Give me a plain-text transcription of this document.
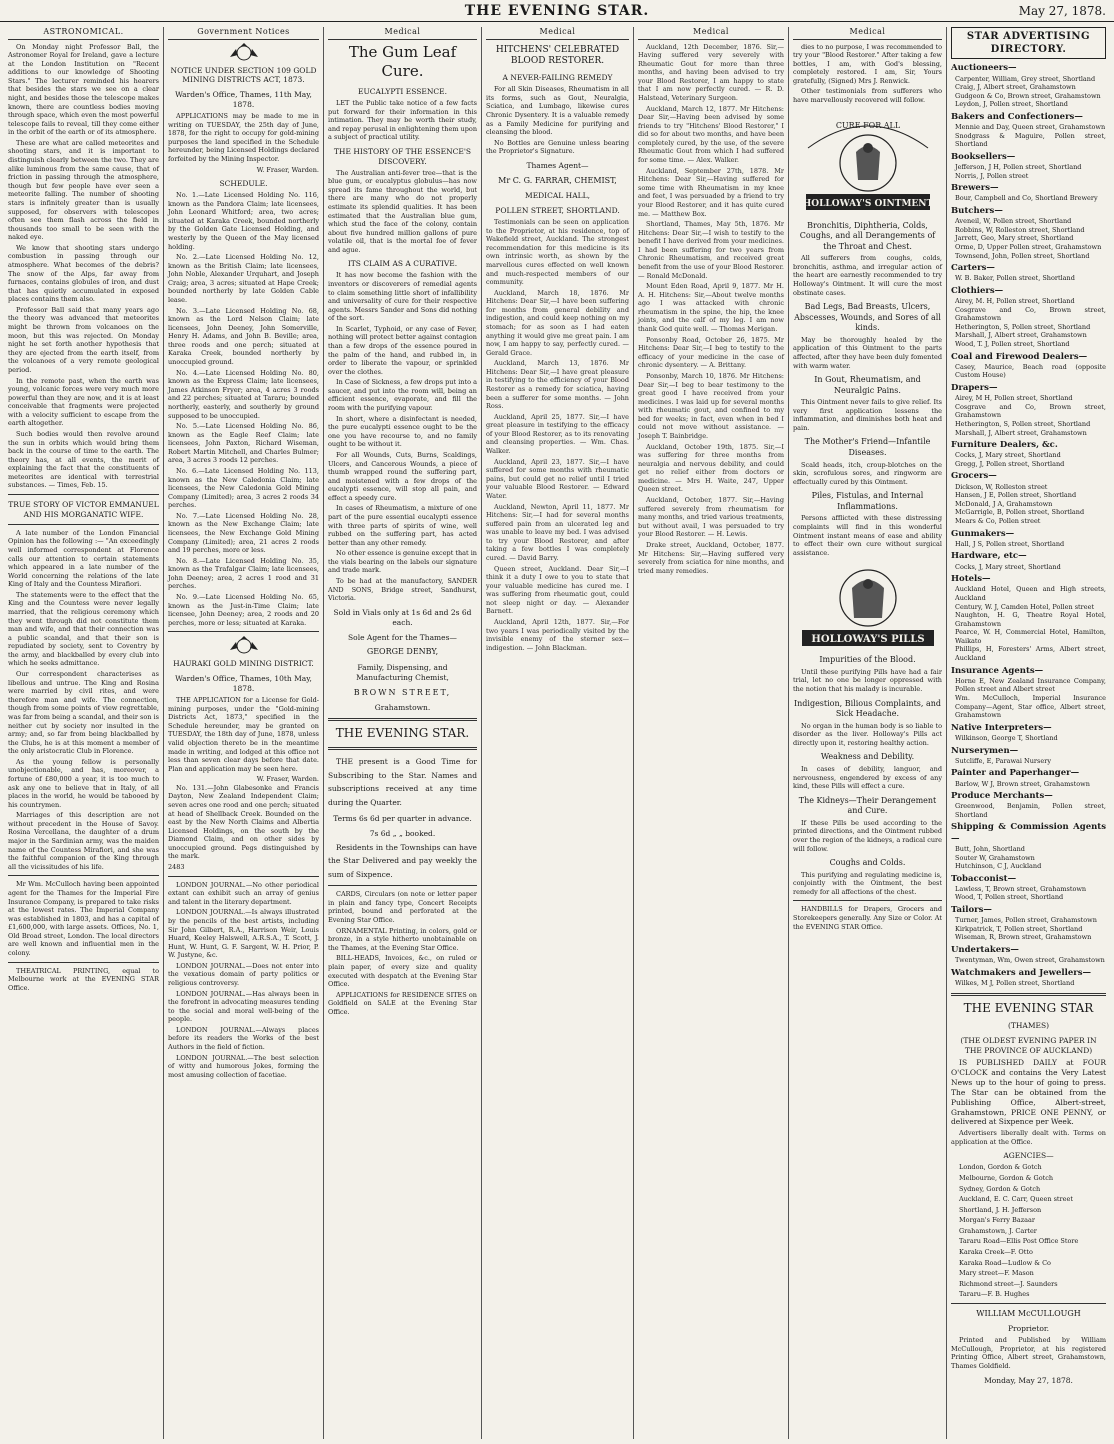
THE EVENING STAR.	May 27, 1878.
ASTRONOMICAL.

On Monday night Professor Ball, the Astronomer Royal for Ireland, gave a lecture at the London Institution on "Recent additions to our knowledge of Shooting Stars." The lecturer reminded his hearers that besides the stars we see on a clear night, and besides those the telescope makes known, there are countless bodies moving through space, which even the most powerful telescope fails to reveal, till they come either in the orbit of the earth or of its atmosphere.

These are what are called meteorites and shooting stars, and it is important to distinguish clearly between the two. They are alike luminous from the same cause, that of friction in passing through the atmosphere, though but few people have ever seen a meteorite falling. The number of shooting stars is infinitely greater than is usually supposed, for observers with telescopes often see them flash across the field in thousands too small to be seen with the naked eye.

We know that shooting stars undergo combustion in passing through our atmosphere. What becomes of the debris? The snow of the Alps, far away from furnaces, contains globules of iron, and dust that has quietly accumulated in exposed places contains them also.

Professor Ball said that many years ago the theory was advanced that meteorites might be thrown from volcanoes on the moon, but this was rejected. On Monday night he set forth another hypothesis that they are ejected from the earth itself, from the volcanoes of a very remote geological period.

In the remote past, when the earth was young, volcanic forces were very much more powerful than they are now, and it is at least conceivable that fragments were projected with a velocity sufficient to escape from the earth altogether.

Such bodies would then revolve around the sun in orbits which would bring them back in the course of time to the earth. The theory has, at all events, the merit of explaining the fact that the constituents of meteorites are identical with terrestrial substances. — Times, Feb. 15.

TRUE STORY OF VICTOR EMMANUEL AND HIS MORGANATIC WIFE.

A late number of the London Financial Opinion has the following :— "An exceedingly well informed correspondent at Florence calls our attention to certain statements which appeared in a late number of the World concerning the relations of the late King of Italy and the Countess Mirafiori.

The statements were to the effect that the King and the Countess were never legally married, that the religious ceremony which they went through did not constitute them man and wife, and that their connection was a public scandal, and that their son is repudiated by society, sent to Coventry by the army, and blackballed by every club into which he seeks admittance.

Our correspondent characterises as libellous and untrue. The King and Rosina were married by civil rites, and were therefore man and wife. The connection, though from some points of view regrettable, was far from being a scandal, and their son is neither cut by society nor insulted in the army; and, so far from being blackballed by the Clubs, he is at this moment a member of the only aristocratic Club in Florence.

As the young fellow is personally unobjectionable, and has, moreover, a fortune of £80,000 a year, it is too much to ask any one to believe that in Italy, of all places in the world, he would be tabooed by his countrymen.

Marriages of this description are not without precedent in the House of Savoy. Rosina Vercellana, the daughter of a drum major in the Sardinian army, was the maiden name of the Countess Mirafiori, and she was the faithful companion of the King through all the vicissitudes of his life.

Mr Wm. McCulloch having been appointed agent for the Thames for the Imperial Fire Insurance Company, is prepared to take risks at the lowest rates. The Imperial Company was established in 1803, and has a capital of £1,600,000, with large assets. Offices, No. 1, Old Broad street, London. The local directors are well known and influential men in the colony.

THEATRICAL PRINTING, equal to Melbourne work at the EVENING STAR Office.

Government Notices
NOTICE UNDER SECTION 109 GOLD MINING DISTRICTS ACT, 1873.
Warden's Office, Thames, 11th May, 1878.

APPLICATIONS may be made to me in writing on TUESDAY, the 25th day of June, 1878, for the right to occupy for gold-mining purposes the land specified in the Schedule hereunder, being Licensed Holdings declared forfeited by the Mining Inspector.

W. Fraser, Warden.
SCHEDULE.

No. 1.—Late Licensed Holding No. 116, known as the Pandora Claim; late licensees, John Leonard Whitford; area, two acres; situated at Karaka Creek, bounded northerly by the Golden Gate Licensed Holding, and westerly by the Queen of the May licensed holding.

No. 2.—Late Licensed Holding No. 12, known as the British Claim; late licensees, John Noble, Alexander Urquhart, and Joseph Craig; area, 3 acres; situated at Hape Creek; bounded northerly by late Golden Cable lease.

No. 3.—Late Licensed Holding No. 68, known as the Lord Nelson Claim; late licensees, John Deeney, John Somerville, Henry H. Adams, and John B. Beville; area, three roods and one perch; situated at Karaka Creek, bounded northerly by unoccupied ground.

No. 4.—Late Licensed Holding No. 80, known as the Express Claim; late licensees, James Atkinson Fryer; area, 4 acres 3 roods and 22 perches; situated at Tararu; bounded northerly, easterly, and southerly by ground supposed to be unoccupied.

No. 5.—Late Licensed Holding No. 86, known as the Eagle Reef Claim; late licensees, John Paxton, Richard Wiseman, Robert Martin Mitchell, and Charles Bulmer; area, 3 acres 3 roods 12 perches.

No. 6.—Late Licensed Holding No. 113, known as the New Caledonia Claim; late licensees, the New Caledonia Gold Mining Company (Limited); area, 3 acres 2 roods 34 perches.

No. 7.—Late Licensed Holding No. 28, known as the New Exchange Claim; late licensees, the New Exchange Gold Mining Company (Limited); area, 21 acres 2 roods and 19 perches, more or less.

No. 8.—Late Licensed Holding No. 35, known as the Trafalgar Claim; late licensees, John Deeney; area, 2 acres 1 rood and 31 perches.

No. 9.—Late Licensed Holding No. 65, known as the Just-in-Time Claim; late licensee, John Deeney; area, 2 roods and 20 perches, more or less; situated at Karaka.

HAURAKI GOLD MINING DISTRICT.
Warden's Office, Thames, 10th May, 1878.

THE APPLICATION for a License for Gold-mining purposes, under the "Gold-mining Districts Act, 1873," specified in the Schedule hereunder, may be granted on TUESDAY, the 18th day of June, 1878, unless valid objection thereto be in the meantime made in writing, and lodged at this office not less than seven clear days before that date. Plan and application may be seen here.

W. Fraser, Warden.

No. 131.—John Glabesonke and Francis Dayton, New Zealand Independent Claim; seven acres one rood and one perch; situated at head of Shellback Creek. Bounded on the east by the New North Claims and Albertia Licensed Holdings, on the south by the Diamond Claim, and on other sides by unoccupied ground. Pegs distinguished by the mark.

2483

LONDON JOURNAL.—No other periodical extant can exhibit such an array of genius and talent in the literary department.

LONDON JOURNAL.—Is always illustrated by the pencils of the best artists, including Sir John Gilbert, R.A., Harrison Weir, Louis Huard, Keeley Halswell, A.R.S.A., T. Scott, J. Hunt, W. Hunt, G. F. Sargent, W. H. Prior, P. W. Justyne, &c.

LONDON JOURNAL.—Does not enter into the vexatious domain of party politics or religious controversy.

LONDON JOURNAL.—Has always been in the forefront in advocating measures tending to the social and moral well-being of the people.

LONDON JOURNAL.—Always places before its readers the Works of the best Authors in the field of fiction.

LONDON JOURNAL.—The best selection of witty and humorous Jokes, forming the most amusing collection of facetiae.

Medical
The Gum Leaf Cure.
EUCALYPTI ESSENCE.

LET the Public take notice of a few facts put forward for their information in this intimation. They may be worth their study, and repay perusal in enlightening them upon a subject of practical utility.

THE HISTORY OF THE ESSENCE'S DISCOVERY.

The Australian anti-fever tree—that is the blue gum, or eucalyptus globulus—has now spread its fame throughout the world, but there are many who do not properly estimate its splendid qualities. It has been estimated that the Australian blue gum, which stud the face of the colony, contain about five hundred million gallons of pure volatile oil, that is the mortal foe of fever and ague.

ITS CLAIM AS A CURATIVE.

It has now become the fashion with the inventors or discoverers of remedial agents to claim something little short of infallibility and universality of cure for their respective agents. Messrs Sander and Sons did nothing of the sort.

In Scarlet, Typhoid, or any case of Fever, nothing will protect better against contagion than a few drops of the essence poured in the palm of the hand, and rubbed in, in order to liberate the vapour, or sprinkled over the clothes.

In Case of Sickness, a few drops put into a saucer, and put into the room will, being an efficient essence, evaporate, and fill the room with the purifying vapour.

In short, where a disinfectant is needed, the pure eucalypti essence ought to be the one you have recourse to, and no family ought to be without it.

For all Wounds, Cuts, Burns, Scaldings, Ulcers, and Cancerous Wounds, a piece of thumb wrapped round the suffering part, and moistened with a few drops of the eucalypti essence, will stop all pain, and effect a speedy cure.

In cases of Rheumatism, a mixture of one part of the pure essential eucalypti essence with three parts of spirits of wine, well rubbed on the suffering part, has acted better than any other remedy.

No other essence is genuine except that in the vials bearing on the labels our signature and trade mark.

To be had at the manufactory, SANDER AND SONS, Bridge street, Sandhurst, Victoria.

Sold in Vials only at 1s 6d and 2s 6d each.
Sole Agent for the Thames—
GEORGE DENBY,
Family, Dispensing, and Manufacturing Chemist,
BROWN STREET,
Grahamstown.
THE EVENING STAR.

THE present is a Good Time for Subscribing to the Star. Names and subscriptions received at any time during the Quarter.

Terms 6s 6d per quarter in advance.
7s 6d „ „ booked.

Residents in the Townships can have the Star Delivered and pay weekly the sum of Sixpence.

CARDS, Circulars (on note or letter paper in plain and fancy type, Concert Receipts printed, bound and perforated at the Evening Star Office.

ORNAMENTAL Printing, in colors, gold or bronze, in a style hitherto unobtainable on the Thames, at the Evening Star Office.

BILL-HEADS, Invoices, &c., on ruled or plain paper, of every size and quality executed with despatch at the Evening Star Office.

APPLICATIONS for RESIDENCE SITES on Goldfield on SALE at the Evening Star Office.

Medical
HITCHENS' CELEBRATED BLOOD RESTORER.
A NEVER-FAILING REMEDY

For all Skin Diseases, Rheumatism in all its forms, such as Gout, Neuralgia, Sciatica, and Lumbago, likewise cures Chronic Dysentery. It is a valuable remedy as a Family Medicine for purifying and cleansing the blood.

No Bottles are Genuine unless bearing the Proprietor's Signature.

Thames Agent—
Mr C. G. FARRAR, CHEMIST,
MEDICAL HALL,
POLLEN STREET, SHORTLAND.

Testimonials can be seen on application to the Proprietor, at his residence, top of Wakefield street, Auckland. The strongest recommendation for this medicine is its own intrinsic worth, as shown by the marvellous cures effected on well known and much-respected members of our community.

Auckland, March 18, 1876. Mr Hitchens: Dear Sir,—I have been suffering for months from general debility and indigestion, and could keep nothing on my stomach; for as soon as I had eaten anything it would give me great pain. I am now, I am happy to say, perfectly cured. — Gerald Grace.

Auckland, March 13, 1876. Mr Hitchens: Dear Sir,—I have great pleasure in testifying to the efficiency of your Blood Restorer as a remedy for sciatica, having been a sufferer for some months. — John Ross.

Auckland, April 25, 1877. Sir,—I have great pleasure in testifying to the efficacy of your Blood Restorer, as to its renovating and cleansing properties. — Wm. Chas. Walker.

Auckland, April 23, 1877. Sir,—I have suffered for some months with rheumatic pains, but could get no relief until I tried your valuable Blood Restorer. — Edward Water.

Auckland, Newton, April 11, 1877. Mr Hitchens: Sir,—I had for several months suffered pain from an ulcerated leg and was unable to leave my bed. I was advised to try your Blood Restorer, and after taking a few bottles I was completely cured. — David Barry.

Queen street, Auckland. Dear Sir,—I think it a duty I owe to you to state that your valuable medicine has cured me. I was suffering from rheumatic gout, could not sleep night or day. — Alexander Barnett.

Auckland, April 12th, 1877. Sir,—For two years I was periodically visited by the invisible enemy of the sterner sex—indigestion. — John Blackman.

Medical

Auckland, 12th December, 1876. Sir,—Having suffered very severely with Rheumatic Gout for more than three months, and having been advised to try your Blood Restorer, I am happy to state that I am now perfectly cured. — R. D. Halstead, Veterinary Surgeon.

Auckland, March 12, 1877. Mr Hitchens: Dear Sir,—Having been advised by some friends to try "Hitchens' Blood Restorer," I did so for about two months, and have been completely cured, by the use, of the severe Rheumatic Gout from which I had suffered for some time. — Alex. Walker.

Auckland, September 27th, 1878. Mr Hitchens: Dear Sir,—Having suffered for some time with Rheumatism in my knee and feet, I was persuaded by a friend to try your Blood Restorer, and it has quite cured me. — Matthew Box.

Shortland, Thames, May 5th, 1876. Mr Hitchens: Dear Sir,—I wish to testify to the benefit I have derived from your medicines. I had been suffering for two years from Chronic Rheumatism, and received great benefit from the use of your Blood Restorer. — Ronald McDonald.

Mount Eden Road, April 9, 1877. Mr H. A. H. Hitchens: Sir,—About twelve months ago I was attacked with chronic rheumatism in the spine, the hip, the knee joints, and the calf of my leg. I am now thank God quite well. — Thomas Merigan.

Ponsonby Road, October 26, 1875. Mr Hitchens: Dear Sir,—I beg to testify to the efficacy of your medicine in the case of chronic dysentery. — A. Brittany.

Ponsonby, March 10, 1876. Mr Hitchens: Dear Sir,—I beg to bear testimony to the great good I have received from your medicines. I was laid up for several months with rheumatic gout, and confined to my bed for weeks; in fact, even when in bed I could not move without assistance. — Joseph T. Bainbridge.

Auckland, October 19th, 1875. Sir,—I was suffering for three months from neuralgia and nervous debility, and could get no relief either from doctors or medicine. — Mrs H. Waite, 247, Upper Queen street.

Auckland, October, 1877. Sir,—Having suffered severely from rheumatism for many months, and tried various treatments, but without avail, I was persuaded to try your Blood Restorer. — H. Lewis.

Drake street, Auckland, October, 1877. Mr Hitchens: Sir,—Having suffered very severely from sciatica for nine months, and tried many remedies.

Medical

dies to no purpose, I was recommended to try your "Blood Restorer." After taking a few bottles, I am, with God's blessing, completely restored. I am, Sir, Yours gratefully, (Signed) Mrs J. Renwick.

Other testimonials from sufferers who have marvellously recovered will follow.

CURE FOR ALL
HOLLOWAY'S OINTMENT
Bronchitis, Diphtheria, Colds, Coughs, and all Derangements of the Throat and Chest.

All sufferers from coughs, colds, bronchitis, asthma, and irregular action of the heart are earnestly recommended to try Holloway's Ointment. It will cure the most obstinate cases.

Bad Legs, Bad Breasts, Ulcers, Abscesses, Wounds, and Sores of all kinds.

May be thoroughly healed by the application of this Ointment to the parts affected, after they have been duly fomented with warm water.

In Gout, Rheumatism, and Neuralgic Pains.

This Ointment never fails to give relief. Its very first application lessens the inflammation, and diminishes both heat and pain.

The Mother's Friend—Infantile Diseases.

Scald heads, itch, croup-blotches on the skin, scrofulous sores, and ringworm are effectually cured by this Ointment.

Piles, Fistulas, and Internal Inflammations.

Persons afflicted with these distressing complaints will find in this wonderful Ointment instant means of ease and ability to effect their own cure without surgical assistance.

HOLLOWAY'S PILLS
Impurities of the Blood.

Until these purifying Pills have had a fair trial, let no one be longer oppressed with the notion that his malady is incurable.

Indigestion, Bilious Complaints, and Sick Headache.

No organ in the human body is so liable to disorder as the liver. Holloway's Pills act directly upon it, restoring healthy action.

Weakness and Debility.

In cases of debility, languor, and nervousness, engendered by excess of any kind, these Pills will effect a cure.

The Kidneys—Their Derangement and Cure.

If these Pills be used according to the printed directions, and the Ointment rubbed over the region of the kidneys, a radical cure will follow.

Coughs and Colds.

This purifying and regulating medicine is, conjointly with the Ointment, the best remedy for all affections of the chest.

HANDBILLS for Drapers, Grocers and Storekeepers generally. Any Size or Color. At the EVENING STAR Office.

STAR ADVERTISING DIRECTORY.
Auctioneers—
Carpenter, William, Grey street, Shortland
Craig, J, Albert street, Grahamstown
Gudgeon & Co, Brown street, Grahamstown
Leydon, J, Pollen street, Shortland
Bakers and Confectioners—
Mennie and Day, Queen street, Grahamstown
Snodgrass & Maguire, Pollen street, Shortland
Booksellers—
Jefferson, J H, Pollen street, Shortland
Norris, J, Pollen street
Brewers—
Bour, Campbell and Co, Shortland Brewery
Butchers—
Aveneil, W, Pollen street, Shortland
Robbins, W, Rolleston street, Shortland
Jarrett, Geo, Mary street, Shortland
Orme, D, Upper Pollen street, Grahamstown
Townsend, John, Pollen street, Shortland
Carters—
W. B. Baker, Pollen street, Shortland
Clothiers—
Airey, M. H, Pollen street, Shortland
Cosgrave and Co, Brown street, Grahamstown
Hetherington, S, Pollen street, Shortland
Marshall, J, Albert street, Grahamstown
Wood, T. J, Pollen street, Shortland
Coal and Firewood Dealers—
Casey, Maurice, Beach road (opposite Custom House)
Drapers—
Airey, M H, Pollen street, Shortland
Cosgrave and Co, Brown street, Grahamstown
Hetherington, S, Pollen street, Shortland
Marshall, J, Albert street, Grahamstown
Furniture Dealers, &c.
Cocks, J, Mary street, Shortland
Gregg, J, Pollen street, Shortland
Grocers—
Dickson, W, Rolleston street
Hansen, J E, Pollen street, Shortland
McDonald, J A, Grahamstown
McGarrigle, B, Pollen street, Shortland
Mears & Co, Pollen street
Gunmakers—
Hall, J S, Pollen street, Shortland
Hardware, etc—
Cocks, J, Mary street, Shortland
Hotels—
Auckland Hotel, Queen and High streets, Auckland
Century, W. J, Camden Hotel, Pollen street
Naughton, H. G, Theatre Royal Hotel, Grahamstown
Pearce, W. H, Commercial Hotel, Hamilton, Waikato
Phillips, H, Foresters' Arms, Albert street, Auckland
Insurance Agents—
Horne E, New Zealand Insurance Company, Pollen street and Albert street
Wm. McCulloch, Imperial Insurance Company—Agent, Star office, Albert street, Grahamstown
Native Interpreters—
Wilkinson, George T, Shortland
Nurserymen—
Sutcliffe, E, Parawai Nursery
Painter and Paperhanger—
Barlow, W J, Brown street, Grahamstown
Produce Merchants—
Greenwood, Benjamin, Pollen street, Shortland
Shipping & Commission Agents—
Butt, John, Shortland
Souter W, Grahamstown
Hutchinson, C J, Auckland
Tobacconist—
Lawless, T, Brown street, Grahamstown
Wood, T, Pollen street, Shortland
Tailors—
Turner, James, Pollen street, Grahamstown
Kirkpatrick, T, Pollen street, Shortland
Wiseman, R, Brown street, Grahamstown
Undertakers—
Twentyman, Wm, Owen street, Grahamstown
Watchmakers and Jewellers—
Wilkes, M J, Pollen street, Shortland
THE EVENING STAR
(THAMES)
(THE OLDEST EVENING PAPER IN THE PROVINCE OF AUCKLAND)

IS PUBLISHED DAILY at FOUR O'CLOCK and contains the Very Latest News up to the hour of going to press. The Star can be obtained from the Publishing Office, Albert-street, Grahamstown, PRICE ONE PENNY, or delivered at Sixpence per Week.

Advertisers liberally dealt with. Terms on application at the Office.

AGENCIES—

London, Gordon & Gotch

Melbourne, Gordon & Gotch

Sydney, Gordon & Gotch

Auckland, E. C. Carr, Queen street

Shortland, J. H. Jefferson

Morgan's Ferry Bazaar

Grahamstown, J. Carter

Tararu Road—Ellis Post Office Store

Karaka Creek—F. Otto

Karaka Road—Ludlow & Co

Mary street—F. Mason

Richmond street—J. Saunders

Tararu—F. B. Hughes

WILLIAM McCULLOUGH
Proprietor.

Printed and Published by William McCullough, Proprietor, at his registered Printing Office, Albert street, Grahamstown, Thames Goldfield.

Monday, May 27, 1878.
